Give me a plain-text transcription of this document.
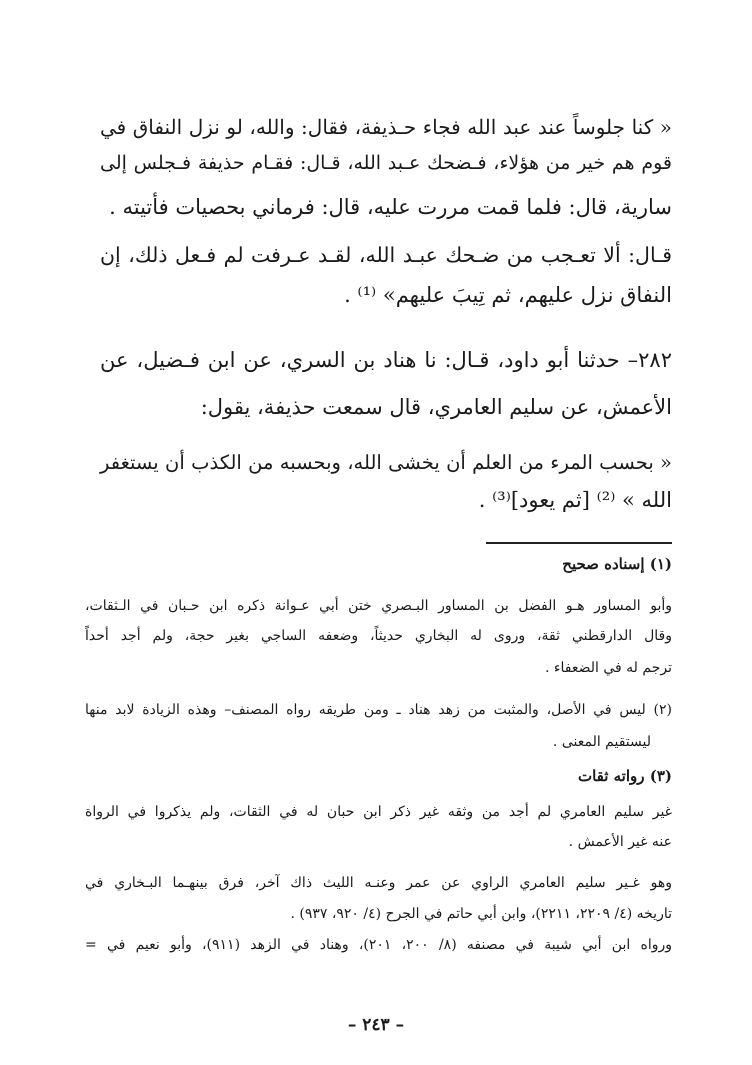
« كنا جلوساً عند عبد الله فجاء حـذيفة، فقال: والله، لو نزل النفاق في
قوم هم خير من هؤلاء، فـضحك عـبد الله، قـال: فقـام حذيفة فـجلس إلى
سارية، قال: فلما قمت مررت عليه، قال: فرماني بحصيات فأتيته .
قـال: ألا تعـجب من ضـحك عبـد الله، لقـد عـرفت لم فـعل ذلك، إن
النفاق نزل عليهم، ثم تِيبَ عليهم» ⁽¹⁾ .
٢٨٢– حدثنا أبو داود، قـال: نا هناد بن السري، عن ابن فـضيل، عن
الأعمش، عن سليم العامري، قال سمعت حذيفة، يقول:
« بحسب المرء من العلم أن يخشى الله، وبحسبه من الكذب أن يستغفر
الله » ⁽²⁾ [ثم يعود]⁽³⁾ .
(١) إسناده صحيح
وأبو المساور هـو الفضل بن المساور البـصري ختن أبي عـوانة ذكره ابن حـبان في الـثقات،
وقال الدارقطني ثقة، وروى له البخاري حديثاً، وضعفه الساجي بغير حجة، ولم أجد أحداً
ترجم له في الضعفاء .
(٢) ليس في الأصل، والمثبت من زهد هناد ـ ومن طريقه رواه المصنف– وهذه الزيادة لابد منها
ليستقيم المعنى .
(٣) رواته ثقات
غير سليم العامري لم أجد من وثقه غير ذكر ابن حبان له في الثقات، ولم يذكروا في الرواة
عنه غير الأعمش .
وهو غـير سليم العامري الراوي عن عمر وعنـه الليث ذاك آخر، فرق بينهـما البـخاري في
تاريخه (٤/ ٢٢٠٩، ٢٢١١)، وابن أبي حاتم في الجرح (٤/ ٩٢٠، ٩٣٧) .
ورواه ابن أبي شيبة في مصنفه (٨/ ٢٠٠، ٢٠١)، وهناد في الزهد (٩١١)، وأبو نعيم في =
– ٢٤٣ –
